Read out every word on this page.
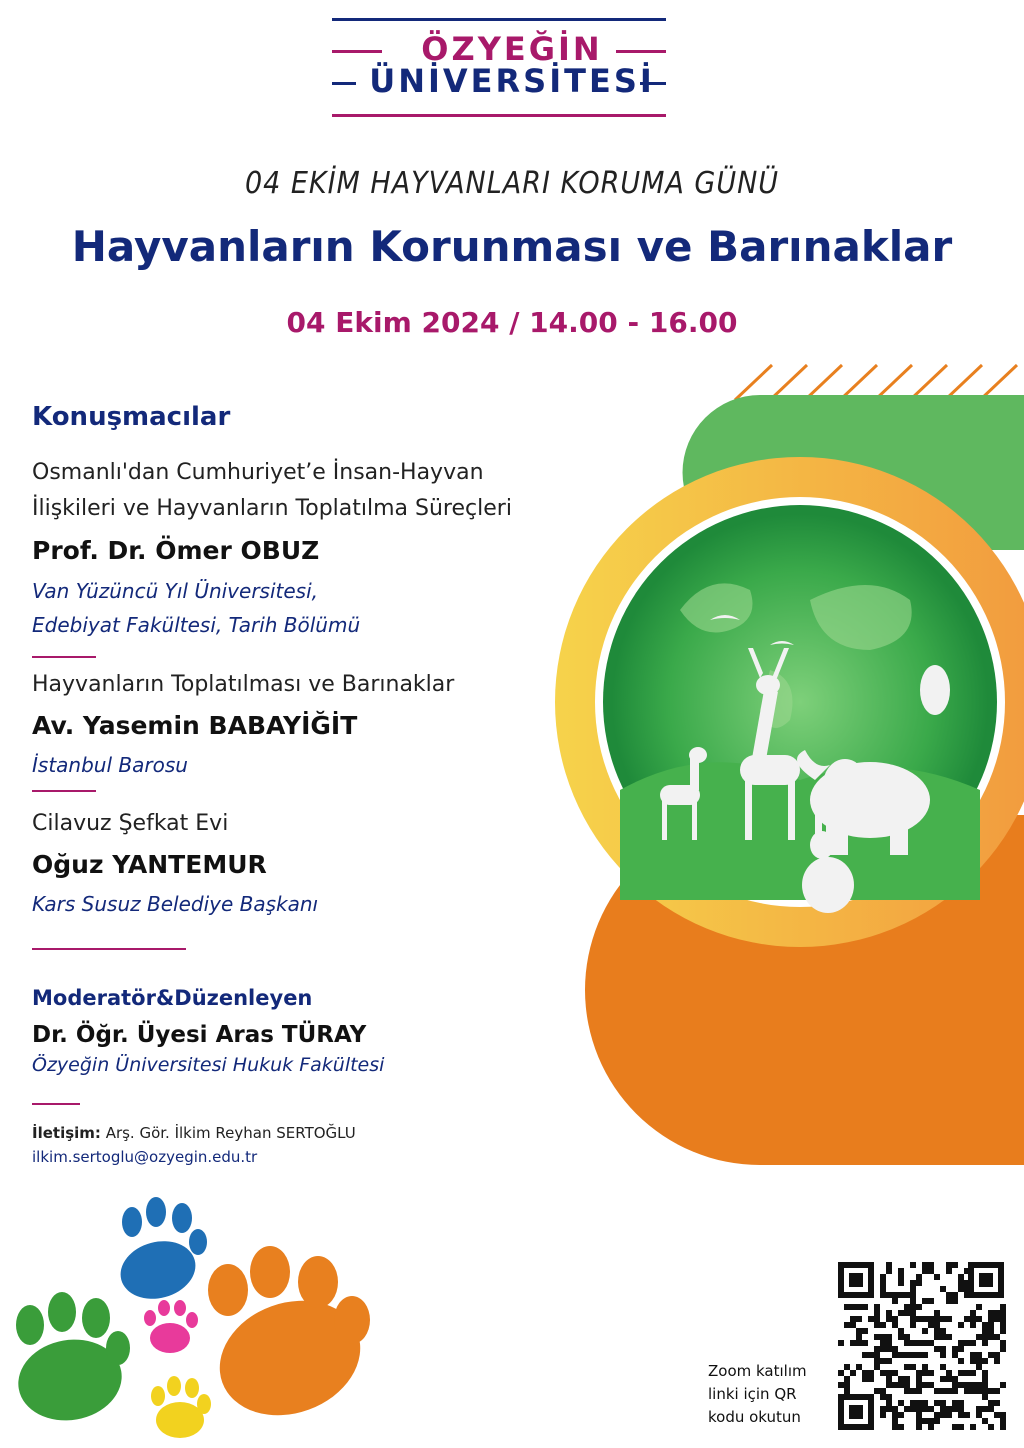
ÖZYEĞİN
ÜNİVERSİTESİ
04 EKİM HAYVANLARI KORUMA GÜNÜ
Hayvanların Korunması ve Barınaklar
04 Ekim 2024 / 14.00 - 16.00
Konuşmacılar
Osmanlı'dan Cumhuriyet’e İnsan-Hayvan
İlişkileri ve Hayvanların Toplatılma Süreçleri
Prof. Dr. Ömer OBUZ
Van Yüzüncü Yıl Üniversitesi,
Edebiyat Fakültesi, Tarih Bölümü
Hayvanların Toplatılması ve Barınaklar
Av. Yasemin BABAYİĞİT
İstanbul Barosu
Cilavuz Şefkat Evi
Oğuz YANTEMUR
Kars Susuz Belediye Başkanı
Moderatör&Düzenleyen
Dr. Öğr. Üyesi Aras TÜRAY
Özyeğin Üniversitesi Hukuk Fakültesi
İletişim: Arş. Gör. İlkim Reyhan SERTOĞLU
ilkim.sertoglu@ozyegin.edu.tr
Zoom katılım
linki için QR
kodu okutun
